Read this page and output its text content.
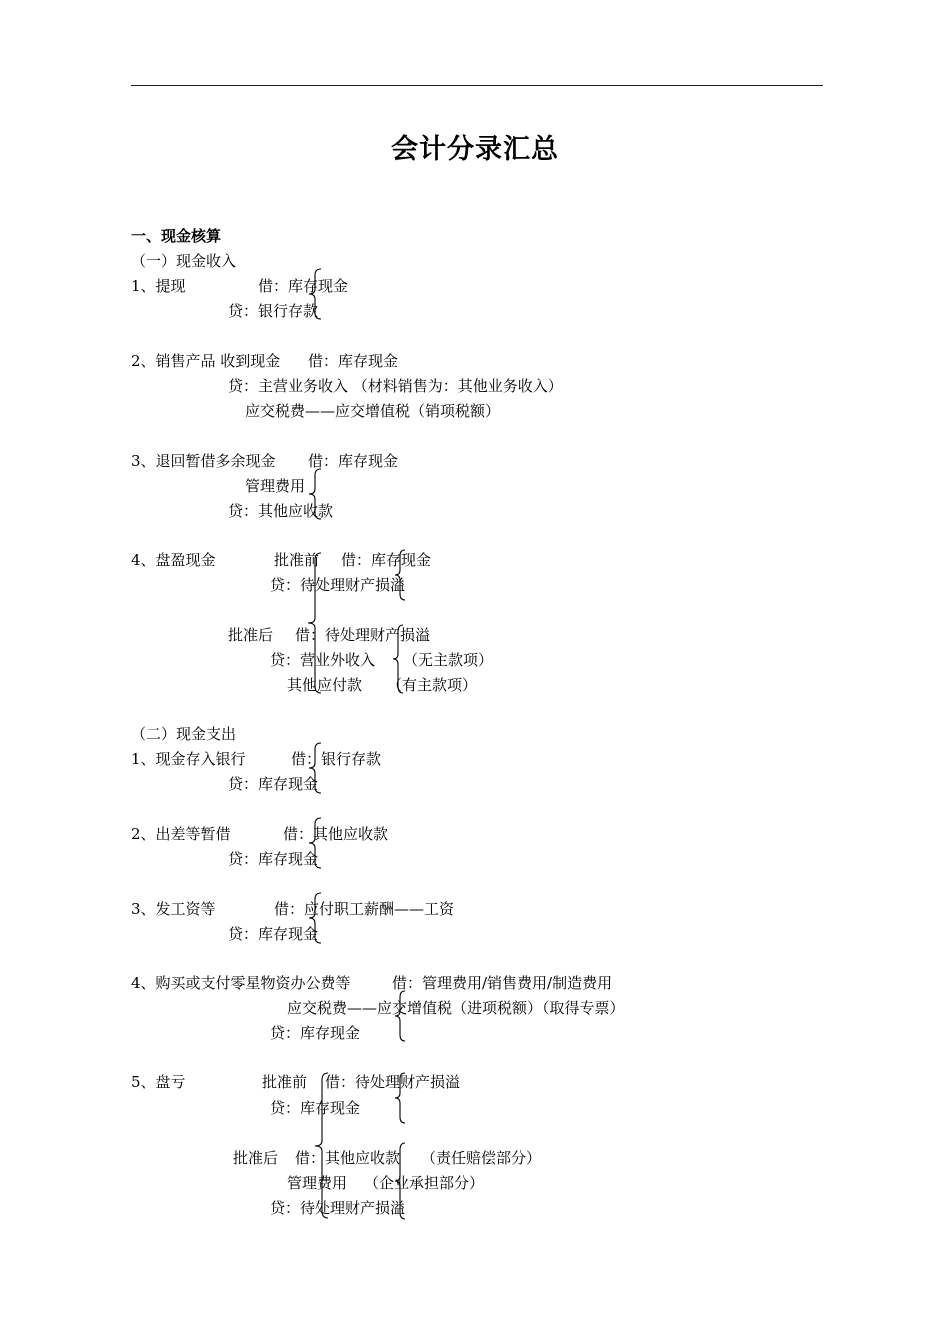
会计分录汇总
一、现金核算
（一）现金收入
1、提现	借：库存现金
贷：银行存款
2、销售产品 收到现金 借：库存现金
贷：主营业务收入 （材料销售为：其他业务收入）
应交税费——应交增值税（销项税额）
3、退回暂借多余现金 借：库存现金
管理费用
贷：其他应收款
4、盘盈现金	批准前 借：库存现金
贷：待处理财产损溢
批准后 借：待处理财产损溢
贷：营业外收入 （无主款项）
其他应付款 （有主款项）
（二）现金支出
1、现金存入银行	借：银行存款
贷：库存现金
2、出差等暂借	借：其他应收款
贷：库存现金
3、发工资等	借：应付职工薪酬——工资
贷：库存现金
4、购买或支付零星物资办公费等	借：管理费用/销售费用/制造费用
应交税费——应交增值税（进项税额）（取得专票）
贷：库存现金
5、盘亏	批准前 借：待处理财产损溢
贷：库存现金
批准后 借：其他应收款 （责任赔偿部分）
管理费用 （企业承担部分）
贷：待处理财产损溢
